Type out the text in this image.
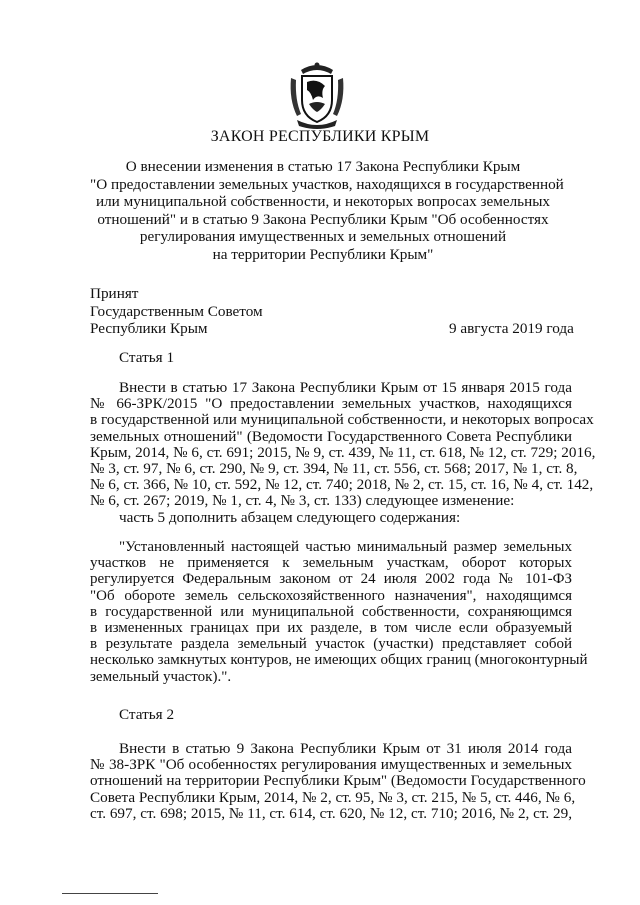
ЗАКОН РЕСПУБЛИКИ КРЫМ
О внесении изменения в статью 17 Закона Республики Крым
"О предоставлении земельных участков, находящихся в государственной
или муниципальной собственности, и некоторых вопросах земельных
отношений" и в статью 9 Закона Республики Крым "Об особенностях
регулирования имущественных и земельных отношений
на территории Республики Крым"
Принят
Государственным Советом
Республики Крым	9 августа 2019 года
Статья 1
Внести в статью 17 Закона Республики Крым от 15 января 2015 года
№ 66-ЗРК/2015 "О предоставлении земельных участков, находящихся
в государственной или муниципальной собственности, и некоторых вопросах
земельных отношений" (Ведомости Государственного Совета Республики
Крым, 2014, № 6, ст. 691; 2015, № 9, ст. 439, № 11, ст. 618, № 12, ст. 729; 2016,
№ 3, ст. 97, № 6, ст. 290, № 9, ст. 394, № 11, ст. 556, ст. 568; 2017, № 1, ст. 8,
№ 6, ст. 366, № 10, ст. 592, № 12, ст. 740; 2018, № 2, ст. 15, ст. 16, № 4, ст. 142,
№ 6, ст. 267; 2019, № 1, ст. 4, № 3, ст. 133) следующее изменение:
часть 5 дополнить абзацем следующего содержания:
"Установленный настоящей частью минимальный размер земельных
участков не применяется к земельным участкам, оборот которых
регулируется Федеральным законом от 24 июля 2002 года № 101-ФЗ
"Об обороте земель сельскохозяйственного назначения", находящимся
в государственной или муниципальной собственности, сохраняющимся
в измененных границах при их разделе, в том числе если образуемый
в результате раздела земельный участок (участки) представляет собой
несколько замкнутых контуров, не имеющих общих границ (многоконтурный
земельный участок).".
Статья 2
Внести в статью 9 Закона Республики Крым от 31 июля 2014 года
№ 38-ЗРК "Об особенностях регулирования имущественных и земельных
отношений на территории Республики Крым" (Ведомости Государственного
Совета Республики Крым, 2014, № 2, ст. 95, № 3, ст. 215, № 5, ст. 446, № 6,
ст. 697, ст. 698; 2015, № 11, ст. 614, ст. 620, № 12, ст. 710; 2016, № 2, ст. 29,
